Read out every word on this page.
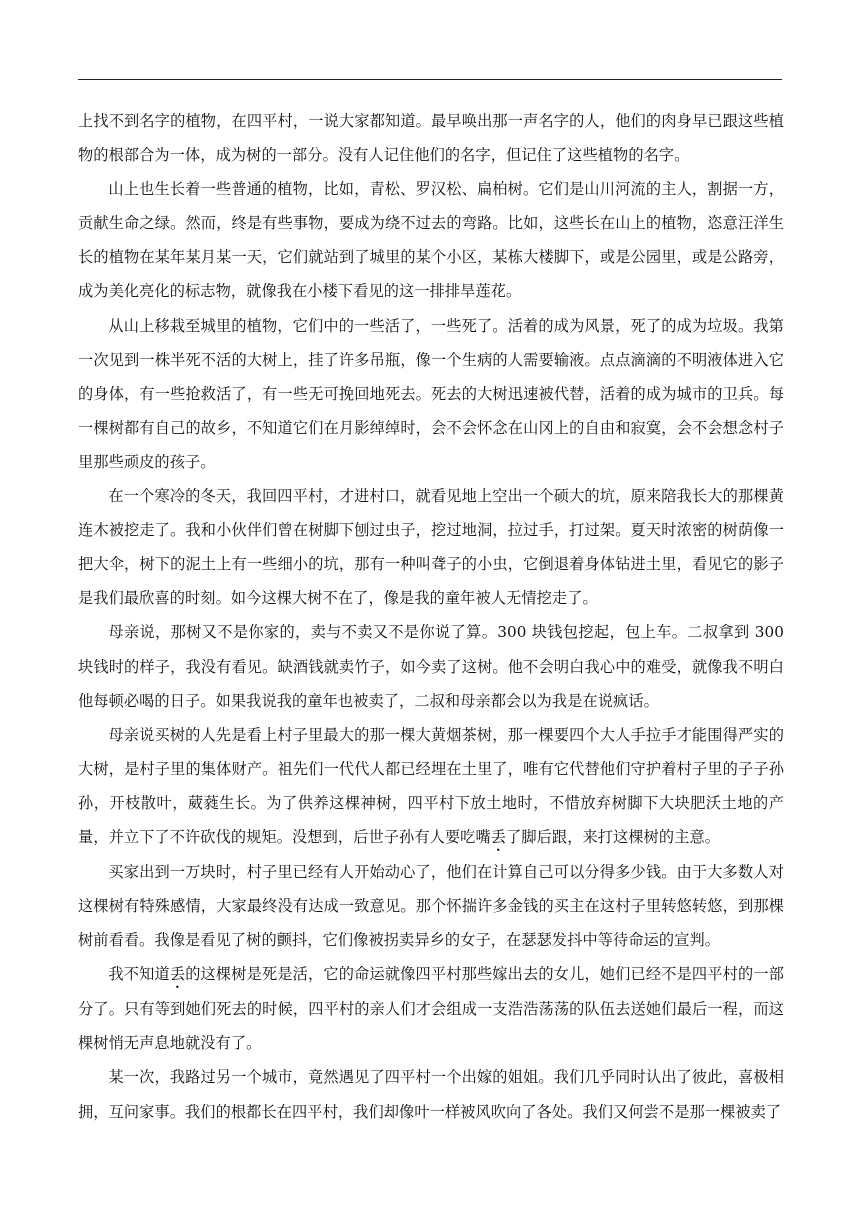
上找不到名字的植物，在四平村，一说大家都知道。最早唤出那一声名字的人，他们的肉身早已跟这些植物的根部合为一体，成为树的一部分。没有人记住他们的名字，但记住了这些植物的名字。

山上也生长着一些普通的植物，比如，青松、罗汉松、扁柏树。它们是山川河流的主人，割据一方，贡献生命之绿。然而，终是有些事物，要成为绕不过去的弯路。比如，这些长在山上的植物，恣意汪洋生长的植物在某年某月某一天，它们就站到了城里的某个小区，某栋大楼脚下，或是公园里，或是公路旁，成为美化亮化的标志物，就像我在小楼下看见的这一排排旱莲花。

从山上移栽至城里的植物，它们中的一些活了，一些死了。活着的成为风景，死了的成为垃圾。我第一次见到一株半死不活的大树上，挂了许多吊瓶，像一个生病的人需要输液。点点滴滴的不明液体进入它的身体，有一些抢救活了，有一些无可挽回地死去。死去的大树迅速被代替，活着的成为城市的卫兵。每一棵树都有自己的故乡，不知道它们在月影绰绰时，会不会怀念在山冈上的自由和寂寞，会不会想念村子里那些顽皮的孩子。

在一个寒冷的冬天，我回四平村，才进村口，就看见地上空出一个硕大的坑，原来陪我长大的那棵黄连木被挖走了。我和小伙伴们曾在树脚下刨过虫子，挖过地洞，拉过手，打过架。夏天时浓密的树荫像一把大伞，树下的泥土上有一些细小的坑，那有一种叫聋子的小虫，它倒退着身体钻进土里，看见它的影子是我们最欣喜的时刻。如今这棵大树不在了，像是我的童年被人无情挖走了。

母亲说，那树又不是你家的，卖与不卖又不是你说了算。300 块钱包挖起，包上车。二叔拿到 300 块钱时的样子，我没有看见。缺酒钱就卖竹子，如今卖了这树。他不会明白我心中的难受，就像我不明白他每顿必喝的日子。如果我说我的童年也被卖了，二叔和母亲都会以为我是在说疯话。

母亲说买树的人先是看上村子里最大的那一棵大黄烟茶树，那一棵要四个大人手拉手才能围得严实的大树，是村子里的集体财产。祖先们一代代人都已经埋在土里了，唯有它代替他们守护着村子里的子子孙孙，开枝散叶，葳蕤生长。为了供养这棵神树，四平村下放土地时，不惜放弃树脚下大块肥沃土地的产量，并立下了不许砍伐的规矩。没想到，后世子孙有人要吃嘴丢了脚后跟，来打这棵树的主意。

买家出到一万块时，村子里已经有人开始动心了，他们在计算自己可以分得多少钱。由于大多数人对这棵树有特殊感情，大家最终没有达成一致意见。那个怀揣许多金钱的买主在这村子里转悠转悠，到那棵树前看看。我像是看见了树的颤抖，它们像被拐卖异乡的女子，在瑟瑟发抖中等待命运的宣判。

我不知道丢的这棵树是死是活，它的命运就像四平村那些嫁出去的女儿，她们已经不是四平村的一部分了。只有等到她们死去的时候，四平村的亲人们才会组成一支浩浩荡荡的队伍去送她们最后一程，而这棵树悄无声息地就没有了。

某一次，我路过另一个城市，竟然遇见了四平村一个出嫁的姐姐。我们几乎同时认出了彼此，喜极相拥，互问家事。我们的根都长在四平村，我们却像叶一样被风吹向了各处。我们又何尝不是那一棵被卖了
